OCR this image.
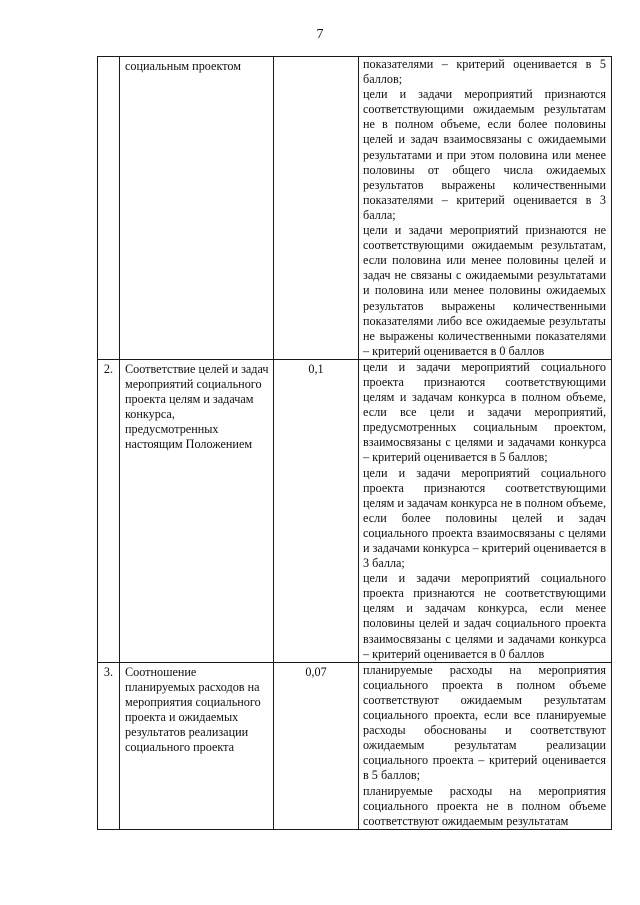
7
	социальным проектом		показателями – критерий оценивается в 5 баллов;
цели и задачи мероприятий признаются соответствующими ожидаемым результатам не в полном объеме, если более половины целей и задач взаимосвязаны с ожидаемыми результатами и при этом половина или менее половины от общего числа ожидаемых результатов выражены количественными показателями – критерий оценивается в 3 балла;
цели и задачи мероприятий признаются не соответствующими ожидаемым результатам, если половина или менее половины целей и задач не связаны с ожидаемыми результатами и половина или менее половины ожидаемых результатов выражены количественными показателями либо все ожидаемые результаты не выражены количественными показателями – критерий оценивается в 0 баллов

2.	Соответствие целей и задач мероприятий социального проекта целям и задачам конкурса, предусмотренных настоящим Положением	0,1	цели и задачи мероприятий социального проекта признаются соответствующими целям и задачам конкурса в полном объеме, если все цели и задачи мероприятий, предусмотренных социальным проектом, взаимосвязаны с целями и задачами конкурса – критерий оценивается в 5 баллов;
цели и задачи мероприятий социального проекта признаются соответствующими целям и задачам конкурса не в полном объеме, если более половины целей и задач социального проекта взаимосвязаны с целями и задачами конкурса – критерий оценивается в 3 балла;
цели и задачи мероприятий социального проекта признаются не соответствующими целям и задачам конкурса, если менее половины целей и задач социального проекта взаимосвязаны с целями и задачами конкурса – критерий оценивается в 0 баллов

3.	Соотношение планируемых расходов на мероприятия социального проекта и ожидаемых результатов реализации социального проекта	0,07	планируемые расходы на мероприятия социального проекта в полном объеме соответствуют ожидаемым результатам социального проекта, если все планируемые расходы обоснованы и соответствуют ожидаемым результатам реализации социального проекта – критерий оценивается в 5 баллов;
планируемые расходы на мероприятия социального проекта не в полном объеме соответствуют ожидаемым результатам
